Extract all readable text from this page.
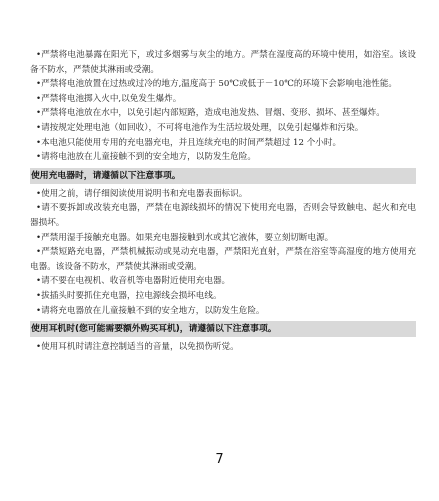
•严禁将电池暴露在阳光下，或过多烟雾与灰尘的地方。严禁在湿度高的环境中使用，如浴室。该设备不防水，严禁使其淋雨或受潮。

•严禁将电池放置在过热或过冷的地方,温度高于 50℃或低于－10℃的环境下会影响电池性能。

•严禁将电池掷入火中,以免发生爆炸。

•严禁将电池放在水中，以免引起内部短路，造成电池发热、冒烟、变形、损坏、甚至爆炸。

•请按规定处理电池（如回收），不可将电池作为生活垃圾处理，以免引起爆炸和污染。

•本电池只能使用专用的充电器充电，并且连续充电的时间严禁超过 12 个小时。

•请将电池放在儿童接触不到的安全地方，以防发生危险。

使用充电器时，请遵循以下注意事项。

•使用之前，请仔细阅读使用说明书和充电器表面标识。

•请不要拆卸或改装充电器，严禁在电源线损坏的情况下使用充电器，否则会导致触电、起火和充电器损坏。

•严禁用湿手接触充电器。如果充电器接触到水或其它液体，要立刻切断电源。

•严禁短路充电器，严禁机械振动或晃动充电器，严禁阳光直射，严禁在浴室等高湿度的地方使用充电器。该设备不防水，严禁使其淋雨或受潮。

•请不要在电视机、收音机等电器附近使用充电器。

•拔插头时要抓住充电器，拉电源线会损坏电线。

•请将充电器放在儿童接触不到的安全地方，以防发生危险。

使用耳机时(您可能需要额外购买耳机)，请遵循以下注意事项。

•使用耳机时请注意控制适当的音量，以免损伤听觉。

7
